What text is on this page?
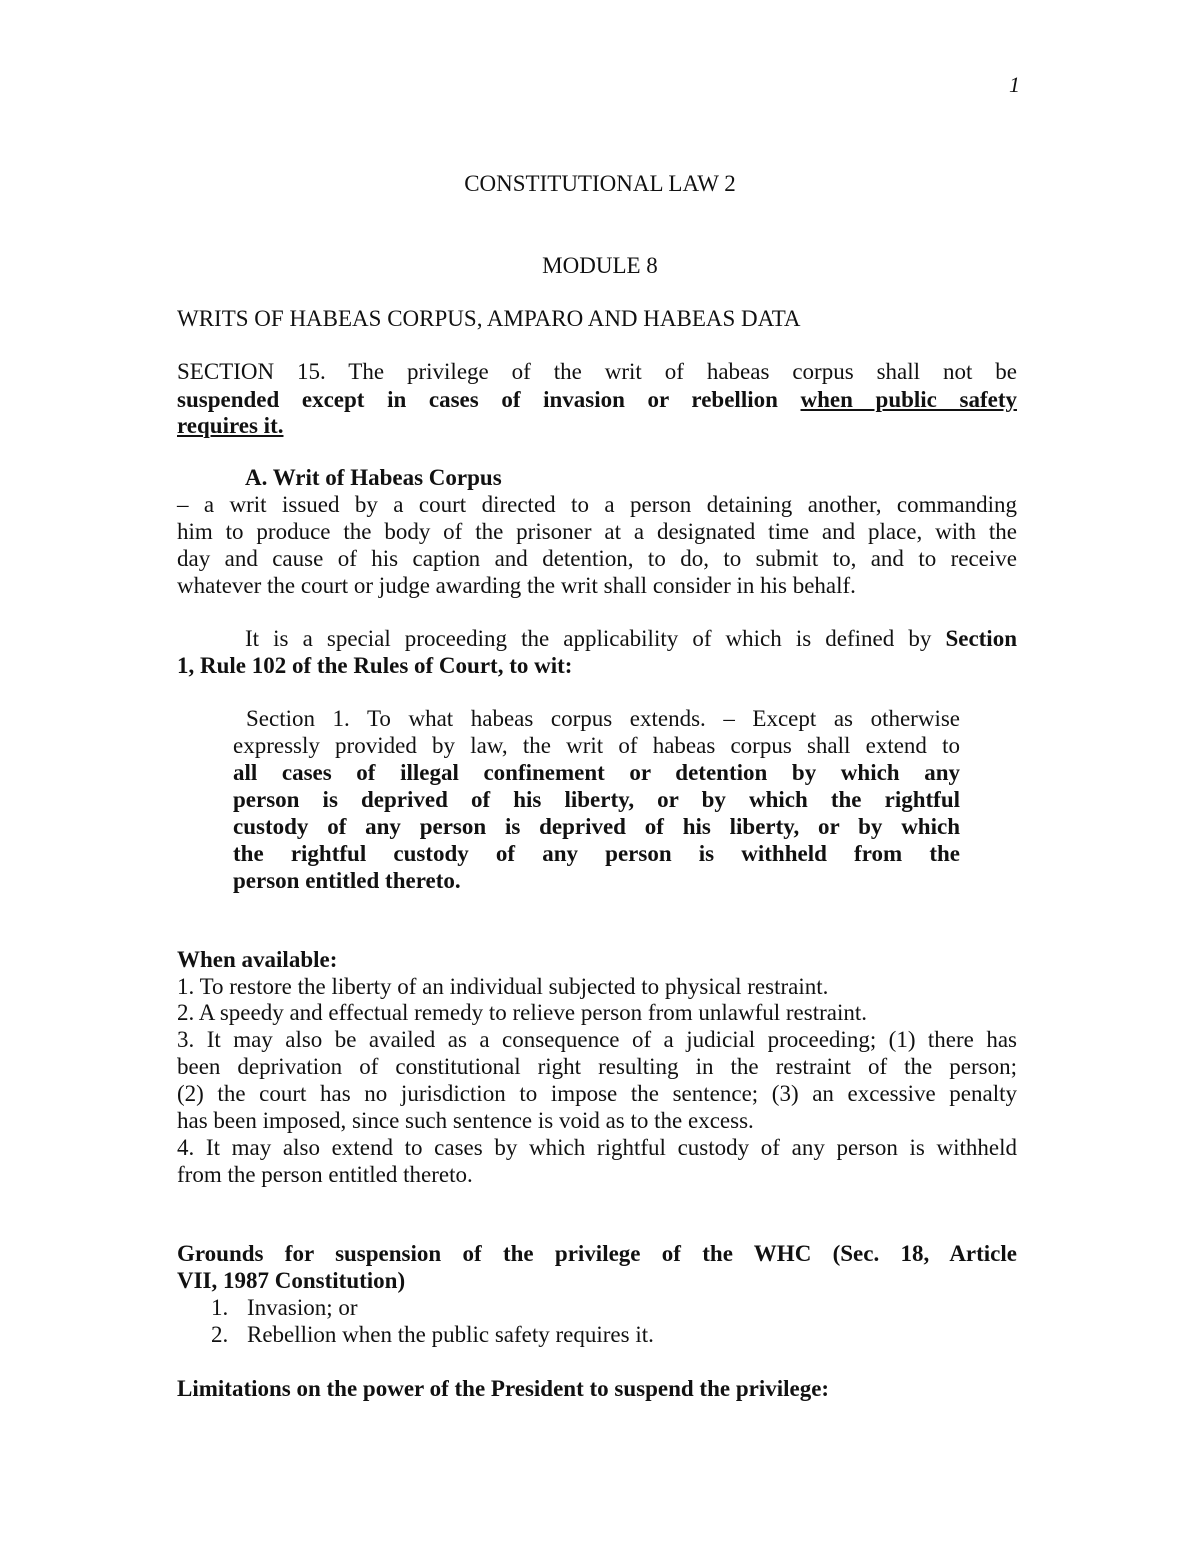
1
CONSTITUTIONAL LAW 2
MODULE 8
WRITS OF HABEAS CORPUS, AMPARO AND HABEAS DATA
SECTION 15. The privilege of the writ of habeas corpus shall not be
suspended except in cases of invasion or rebellion when public safety
requires it.
A. Writ of Habeas Corpus
– a writ issued by a court directed to a person detaining another, commanding
him to produce the body of the prisoner at a designated time and place, with the
day and cause of his caption and detention, to do, to submit to, and to receive
whatever the court or judge awarding the writ shall consider in his behalf.
It is a special proceeding the applicability of which is defined by Section
1, Rule 102 of the Rules of Court, to wit:
Section 1. To what habeas corpus extends. – Except as otherwise
expressly provided by law, the writ of habeas corpus shall extend to
all cases of illegal confinement or detention by which any
person is deprived of his liberty, or by which the rightful
custody of any person is deprived of his liberty, or by which
the rightful custody of any person is withheld from the
person entitled thereto.
When available:
1. To restore the liberty of an individual subjected to physical restraint.
2. A speedy and effectual remedy to relieve person from unlawful restraint.
3. It may also be availed as a consequence of a judicial proceeding; (1) there has
been deprivation of constitutional right resulting in the restraint of the person;
(2) the court has no jurisdiction to impose the sentence; (3) an excessive penalty
has been imposed, since such sentence is void as to the excess.
4. It may also extend to cases by which rightful custody of any person is withheld
from the person entitled thereto.
Grounds for suspension of the privilege of the WHC (Sec. 18, Article
VII, 1987 Constitution)
1. Invasion; or
2. Rebellion when the public safety requires it.
Limitations on the power of the President to suspend the privilege:
